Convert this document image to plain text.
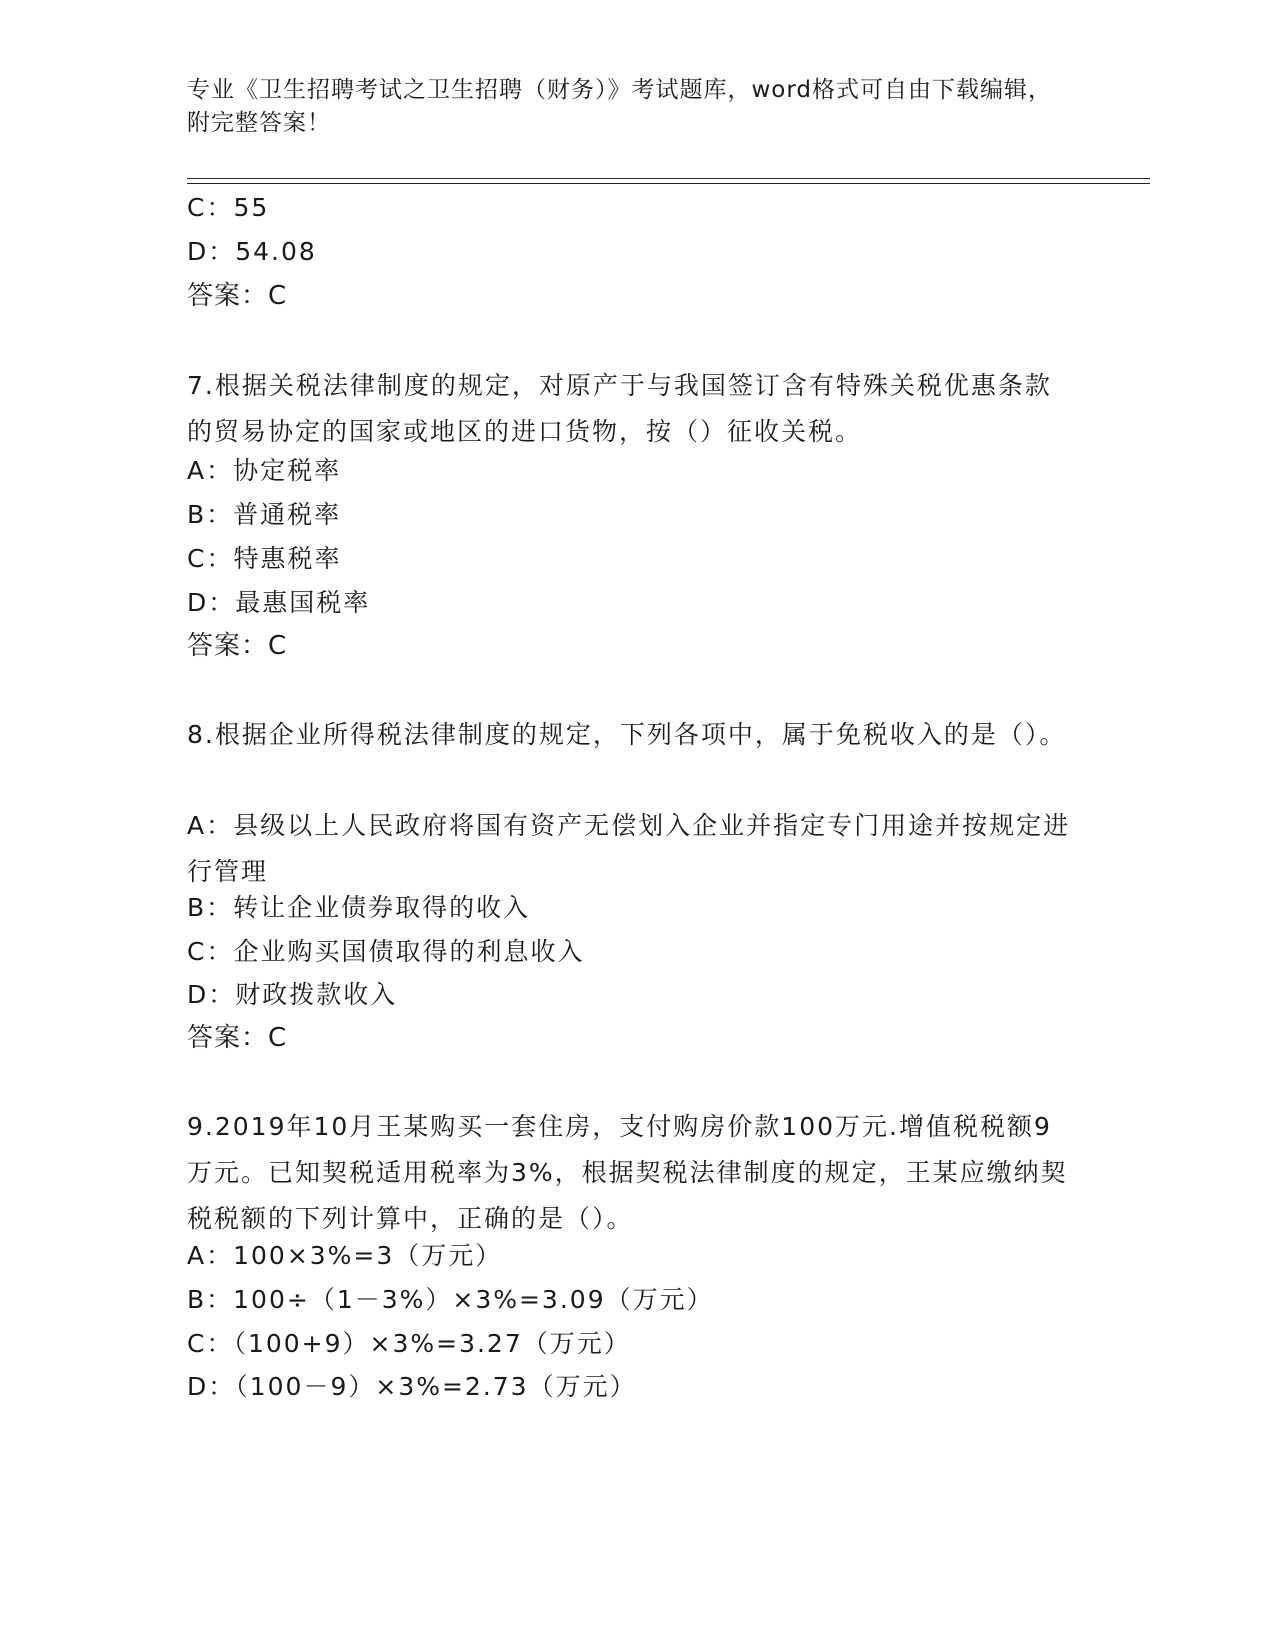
专业《卫生招聘考试之卫生招聘（财务）》考试题库，word格式可自由下载编辑，附完整答案！
C：55
D：54.08
答案：C
7.根据关税法律制度的规定，对原产于与我国签订含有特殊关税优惠条款的贸易协定的国家或地区的进口货物，按（）征收关税。
A：协定税率
B：普通税率
C：特惠税率
D：最惠国税率
答案：C
8.根据企业所得税法律制度的规定，下列各项中，属于免税收入的是（）。
A：县级以上人民政府将国有资产无偿划入企业并指定专门用途并按规定进行管理
B：转让企业债券取得的收入
C：企业购买国债取得的利息收入
D：财政拨款收入
答案：C
9.2019年10月王某购买一套住房，支付购房价款100万元.增值税税额9万元。已知契税适用税率为3%，根据契税法律制度的规定，王某应缴纳契税税额的下列计算中，正确的是（）。
A：100×3%=3（万元）
B：100÷（1－3%）×3%=3.09（万元）
C：（100+9）×3%=3.27（万元）
D：（100－9）×3%=2.73（万元）
